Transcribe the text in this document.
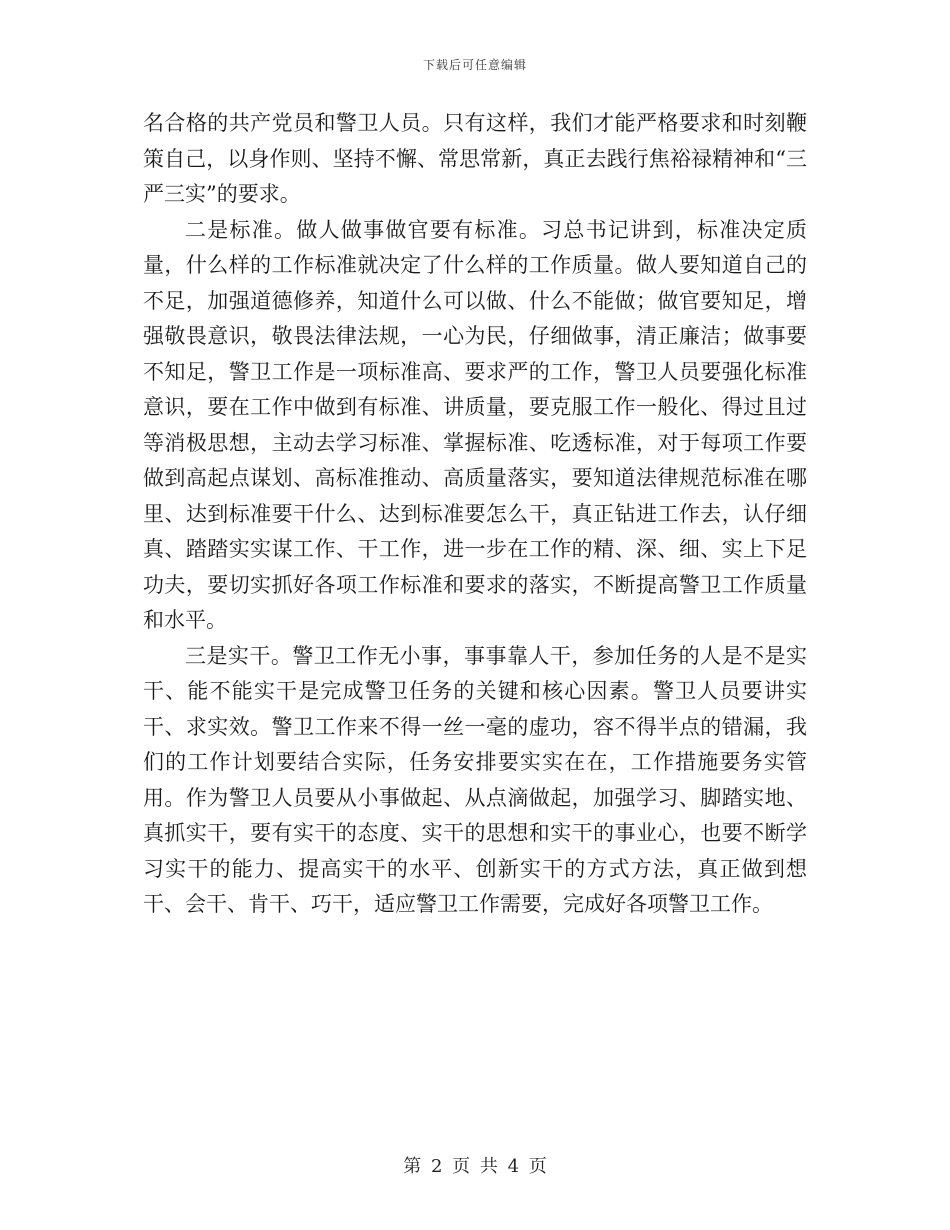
下载后可任意编辑

名合格的共产党员和警卫人员。只有这样，我们才能严格要求和时刻鞭策自己，以身作则、坚持不懈、常思常新，真正去践行焦裕禄精神和“三严三实”的要求。

二是标准。做人做事做官要有标准。习总书记讲到，标准决定质量，什么样的工作标准就决定了什么样的工作质量。做人要知道自己的不足，加强道德修养，知道什么可以做、什么不能做；做官要知足，增强敬畏意识，敬畏法律法规，一心为民，仔细做事，清正廉洁；做事要不知足，警卫工作是一项标准高、要求严的工作，警卫人员要强化标准意识，要在工作中做到有标准、讲质量，要克服工作一般化、得过且过等消极思想，主动去学习标准、掌握标准、吃透标准，对于每项工作要做到高起点谋划、高标准推动、高质量落实，要知道法律规范标准在哪里、达到标准要干什么、达到标准要怎么干，真正钻进工作去，认仔细真、踏踏实实谋工作、干工作，进一步在工作的精、深、细、实上下足功夫，要切实抓好各项工作标准和要求的落实，不断提高警卫工作质量和水平。

三是实干。警卫工作无小事，事事靠人干，参加任务的人是不是实干、能不能实干是完成警卫任务的关键和核心因素。警卫人员要讲实干、求实效。警卫工作来不得一丝一毫的虚功，容不得半点的错漏，我们的工作计划要结合实际，任务安排要实实在在，工作措施要务实管用。作为警卫人员要从小事做起、从点滴做起，加强学习、脚踏实地、真抓实干，要有实干的态度、实干的思想和实干的事业心，也要不断学习实干的能力、提高实干的水平、创新实干的方式方法，真正做到想干、会干、肯干、巧干，适应警卫工作需要，完成好各项警卫工作。

第 2 页 共 4 页
